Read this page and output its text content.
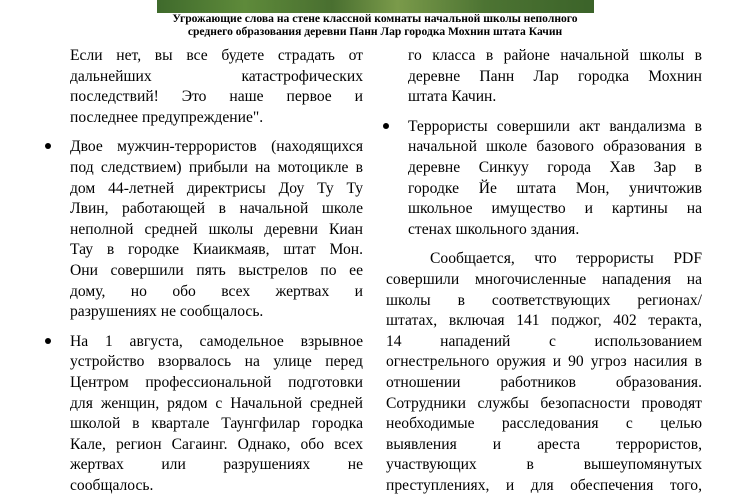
Угрожающие слова на стене классной комнаты начальной школы неполного
среднего образования деревни Панн Лар городка Мохнин штата Качин
Если нет, вы все будете страдать от
дальнейших катастрофических
последствий! Это наше первое и
последнее предупреждение".
Двое мужчин-террористов (находящихся
под следствием) прибыли на мотоцикле в
дом 44-летней директрисы Доу Ту Ту
Лвин, работающей в начальной школе
неполной средней школы деревни Киан
Тау в городке Киаикмаяв, штат Мон.
Они совершили пять выстрелов по ее
дому, но обо всех жертвах и
разрушениях не сообщалось.
На 1 августа, самодельное взрывное
устройство взорвалось на улице перед
Центром профессиональной подготовки
для женщин, рядом с Начальной средней
школой в квартале Таунгфилар городка
Кале, регион Сагаинг. Однако, обо всех
жертвах или разрушениях не
сообщалось.
го класса в районе начальной школы в
деревне Панн Лар городка Мохнин
штата Качин.
Террористы совершили акт вандализма в
начальной школе базового образования в
деревне Синкуу города Хав Зар в
городке Йе штата Мон, уничтожив
школьное имущество и картины на
стенах школьного здания.
Сообщается, что террористы PDF
совершили многочисленные нападения на
школы в соответствующих регионах/
штатах, включая 141 поджог, 402 теракта,
14 нападений с использованием
огнестрельного оружия и 90 угроз насилия в
отношении работников образования.
Сотрудники службы безопасности проводят
необходимые расследования с целью
выявления и ареста террористов,
участвующих в вышеупомянутых
преступлениях, и для обеспечения того,
